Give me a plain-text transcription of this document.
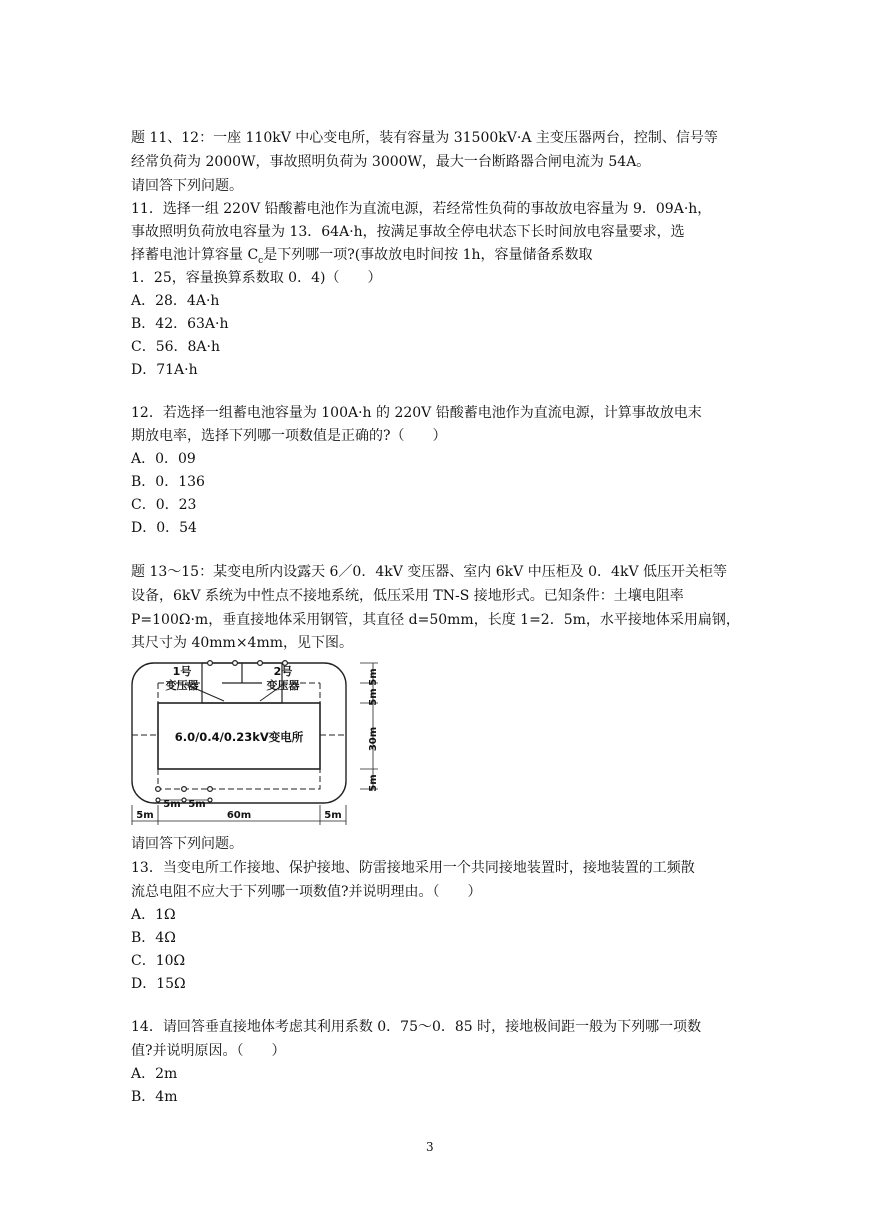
题 11、12：一座 110kV 中心变电所，装有容量为 31500kV·A 主变压器两台，控制、信号等
经常负荷为 2000W，事故照明负荷为 3000W，最大一台断路器合闸电流为 54A。
请回答下列问题。
11．选择一组 220V 铅酸蓄电池作为直流电源，若经常性负荷的事故放电容量为 9．09A·h，
事故照明负荷放电容量为 13．64A·h，按满足事故全停电状态下长时间放电容量要求，选
择蓄电池计算容量 $C_c$是下列哪一项?(事故放电时间按 1h，容量储备系数取
1．25，容量换算系数取 0．4)（　　）
A．28．4A·h
B．42．63A·h
C．56．8A·h
D．71A·h
12．若选择一组蓄电池容量为 100A·h 的 220V 铅酸蓄电池作为直流电源，计算事故放电末
期放电率，选择下列哪一项数值是正确的?（　　）
A．0．09
B．0．136
C．0．23
D．0．54
题 13～15：某变电所内设露天 6／0．4kV 变压器、室内 6kV 中压柜及 0．4kV 低压开关柜等
设备，6kV 系统为中性点不接地系统，低压采用 TN-S 接地形式。已知条件：土壤电阻率
P=100Ω·m，垂直接地体采用钢管，其直径 d=50mm，长度 1=2．5m，水平接地体采用扁钢，
其尺寸为 40mm×4mm，见下图。
1号
变压器
2号
变压器
6.0/0.4/0.23kV变电所
5m
5m 5m
60m	5m
5m
5m
30m
5m
请回答下列问题。
13．当变电所工作接地、保护接地、防雷接地采用一个共同接地装置时，接地装置的工频散
流总电阻不应大于下列哪一项数值?并说明理由。（　　）
A．1Ω
B．4Ω
C．10Ω
D．15Ω
14．请回答垂直接地体考虑其利用系数 0．75～0．85 时，接地极间距一般为下列哪一项数
值?并说明原因。（　　）
A．2m
B．4m
3
